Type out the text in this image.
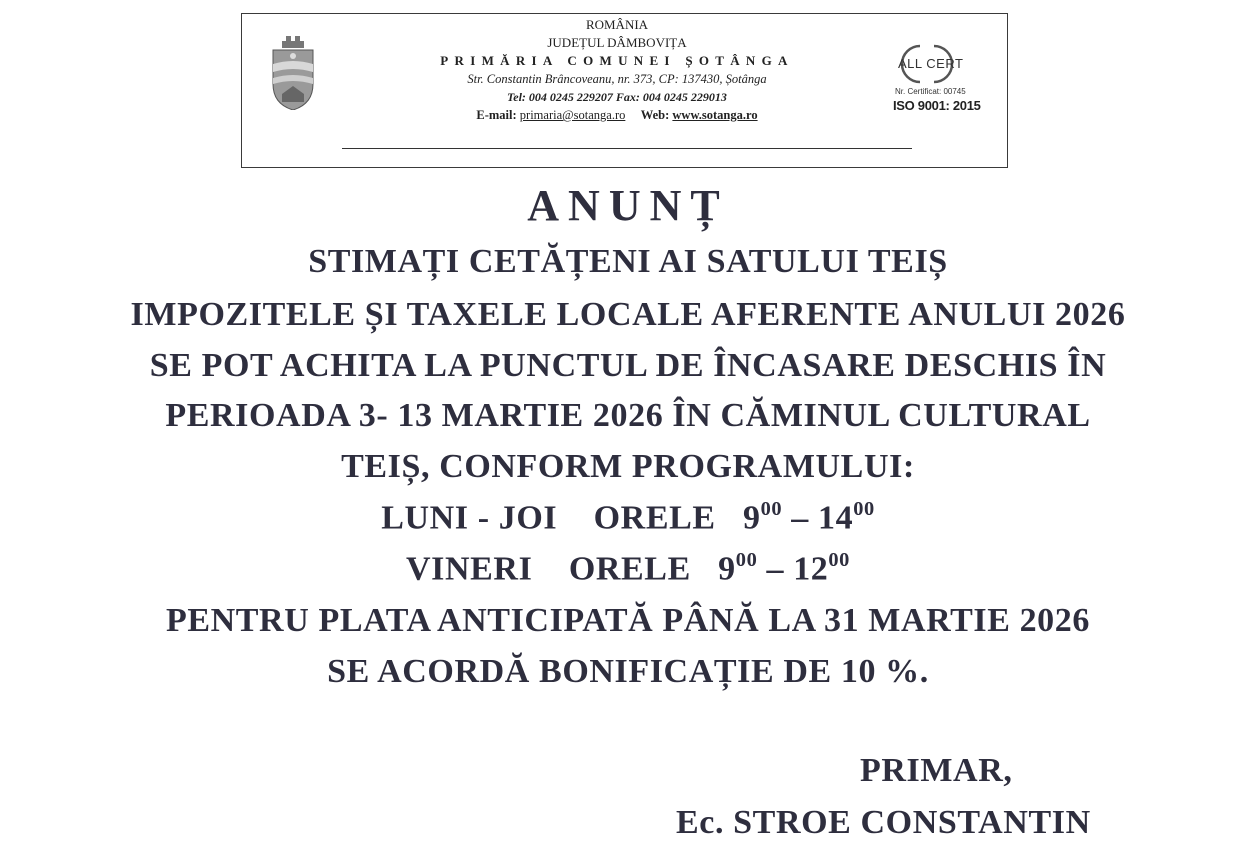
ROMÂNIA
JUDEȚUL DÂMBOVIȚA
PRIMĂRIA COMUNEI ȘOTÂNGA
Str. Constantin Brâncoveanu, nr. 373, CP: 137430, Șotânga
Tel: 004 0245 229207 Fax: 004 0245 229013
E-mail: primaria@sotanga.ro Web: www.sotanga.ro
ALL CERT
Nr. Certificat: 00745
ISO 9001: 2015
ANUNȚ
STIMAȚI CETĂȚENI AI SATULUI TEIȘ
IMPOZITELE ȘI TAXELE LOCALE AFERENTE ANULUI 2026
SE POT ACHITA LA PUNCTUL DE ÎNCASARE DESCHIS ÎN
PERIOADA 3- 13 MARTIE 2026 ÎN CĂMINUL CULTURAL
TEIȘ, CONFORM PROGRAMULUI:
LUNI - JOI ORELE $9^{00} - 14^{00}$
VINERI ORELE $9^{00} - 12^{00}$
PENTRU PLATA ANTICIPATĂ PÂNĂ LA 31 MARTIE 2026
SE ACORDĂ BONIFICAȚIE DE 10 %.
PRIMAR,
Ec. STROE CONSTANTIN
